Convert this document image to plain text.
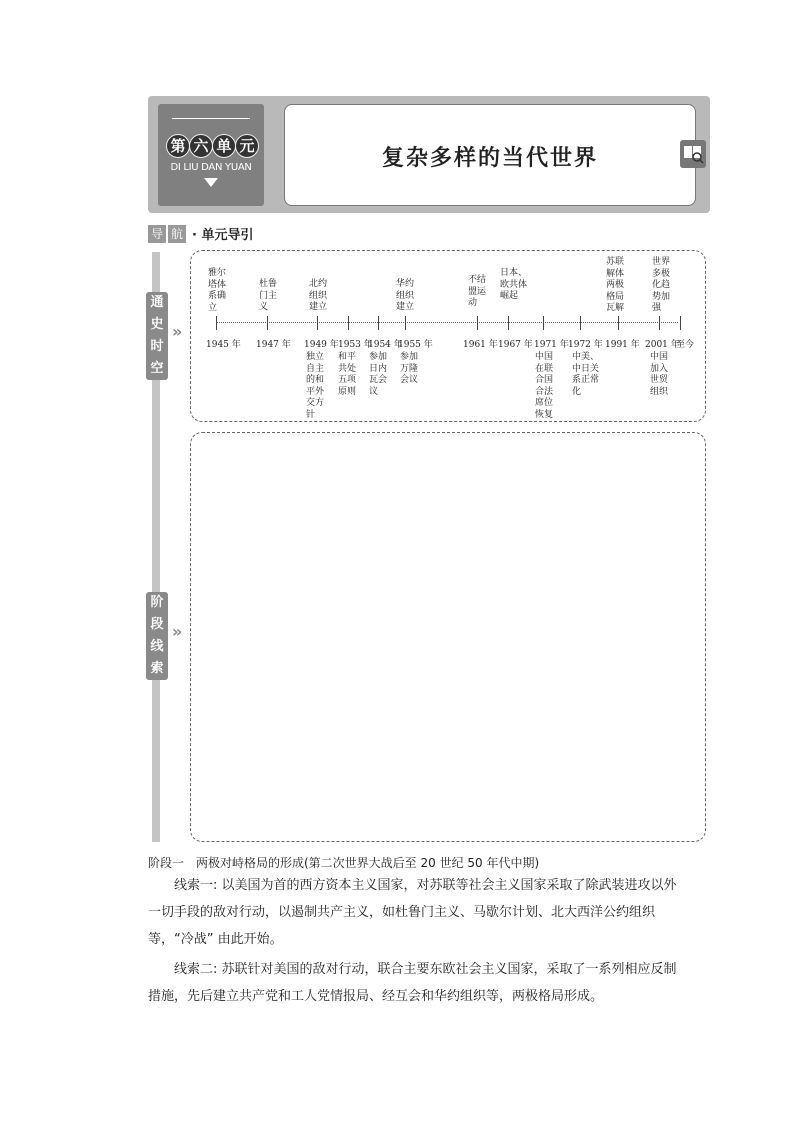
第 六 单 元
DI LIU DAN YUAN	复杂多样的当代世界
导 航 · 单元导引
通
史
时
空
»
阶
段
线
索
»
1945 年 1947 年 1949 年 1953 年
1954 年
1955 年	1961 年 1967 年 1971 年 1972 年 1991 年 2001 年
至今
雅尔塔体系确立
杜鲁门主义
北约组织建立
华约组织建立
不结盟运动
日本、欧共体崛起
苏联解体两极格局瓦解
世界多极化趋势加强
独立自主的和平外交方针
和平共处五项原则
参加日内瓦会议
参加万隆会议
中国在联合国合法席位恢复
中美、中日关系正常化
中国加入世贸组织
阶段一　两极对峙格局的形成(第二次世界大战后至 20 世纪 50 年代中期)

线索一: 以美国为首的西方资本主义国家，对苏联等社会主义国家采取了除武装进攻以外一切手段的敌对行动，以遏制共产主义，如杜鲁门主义、马歇尔计划、北大西洋公约组织等，“冷战” 由此开始。

线索二: 苏联针对美国的敌对行动，联合主要东欧社会主义国家，采取了一系列相应反制措施，先后建立共产党和工人党情报局、经互会和华约组织等，两极格局形成。
